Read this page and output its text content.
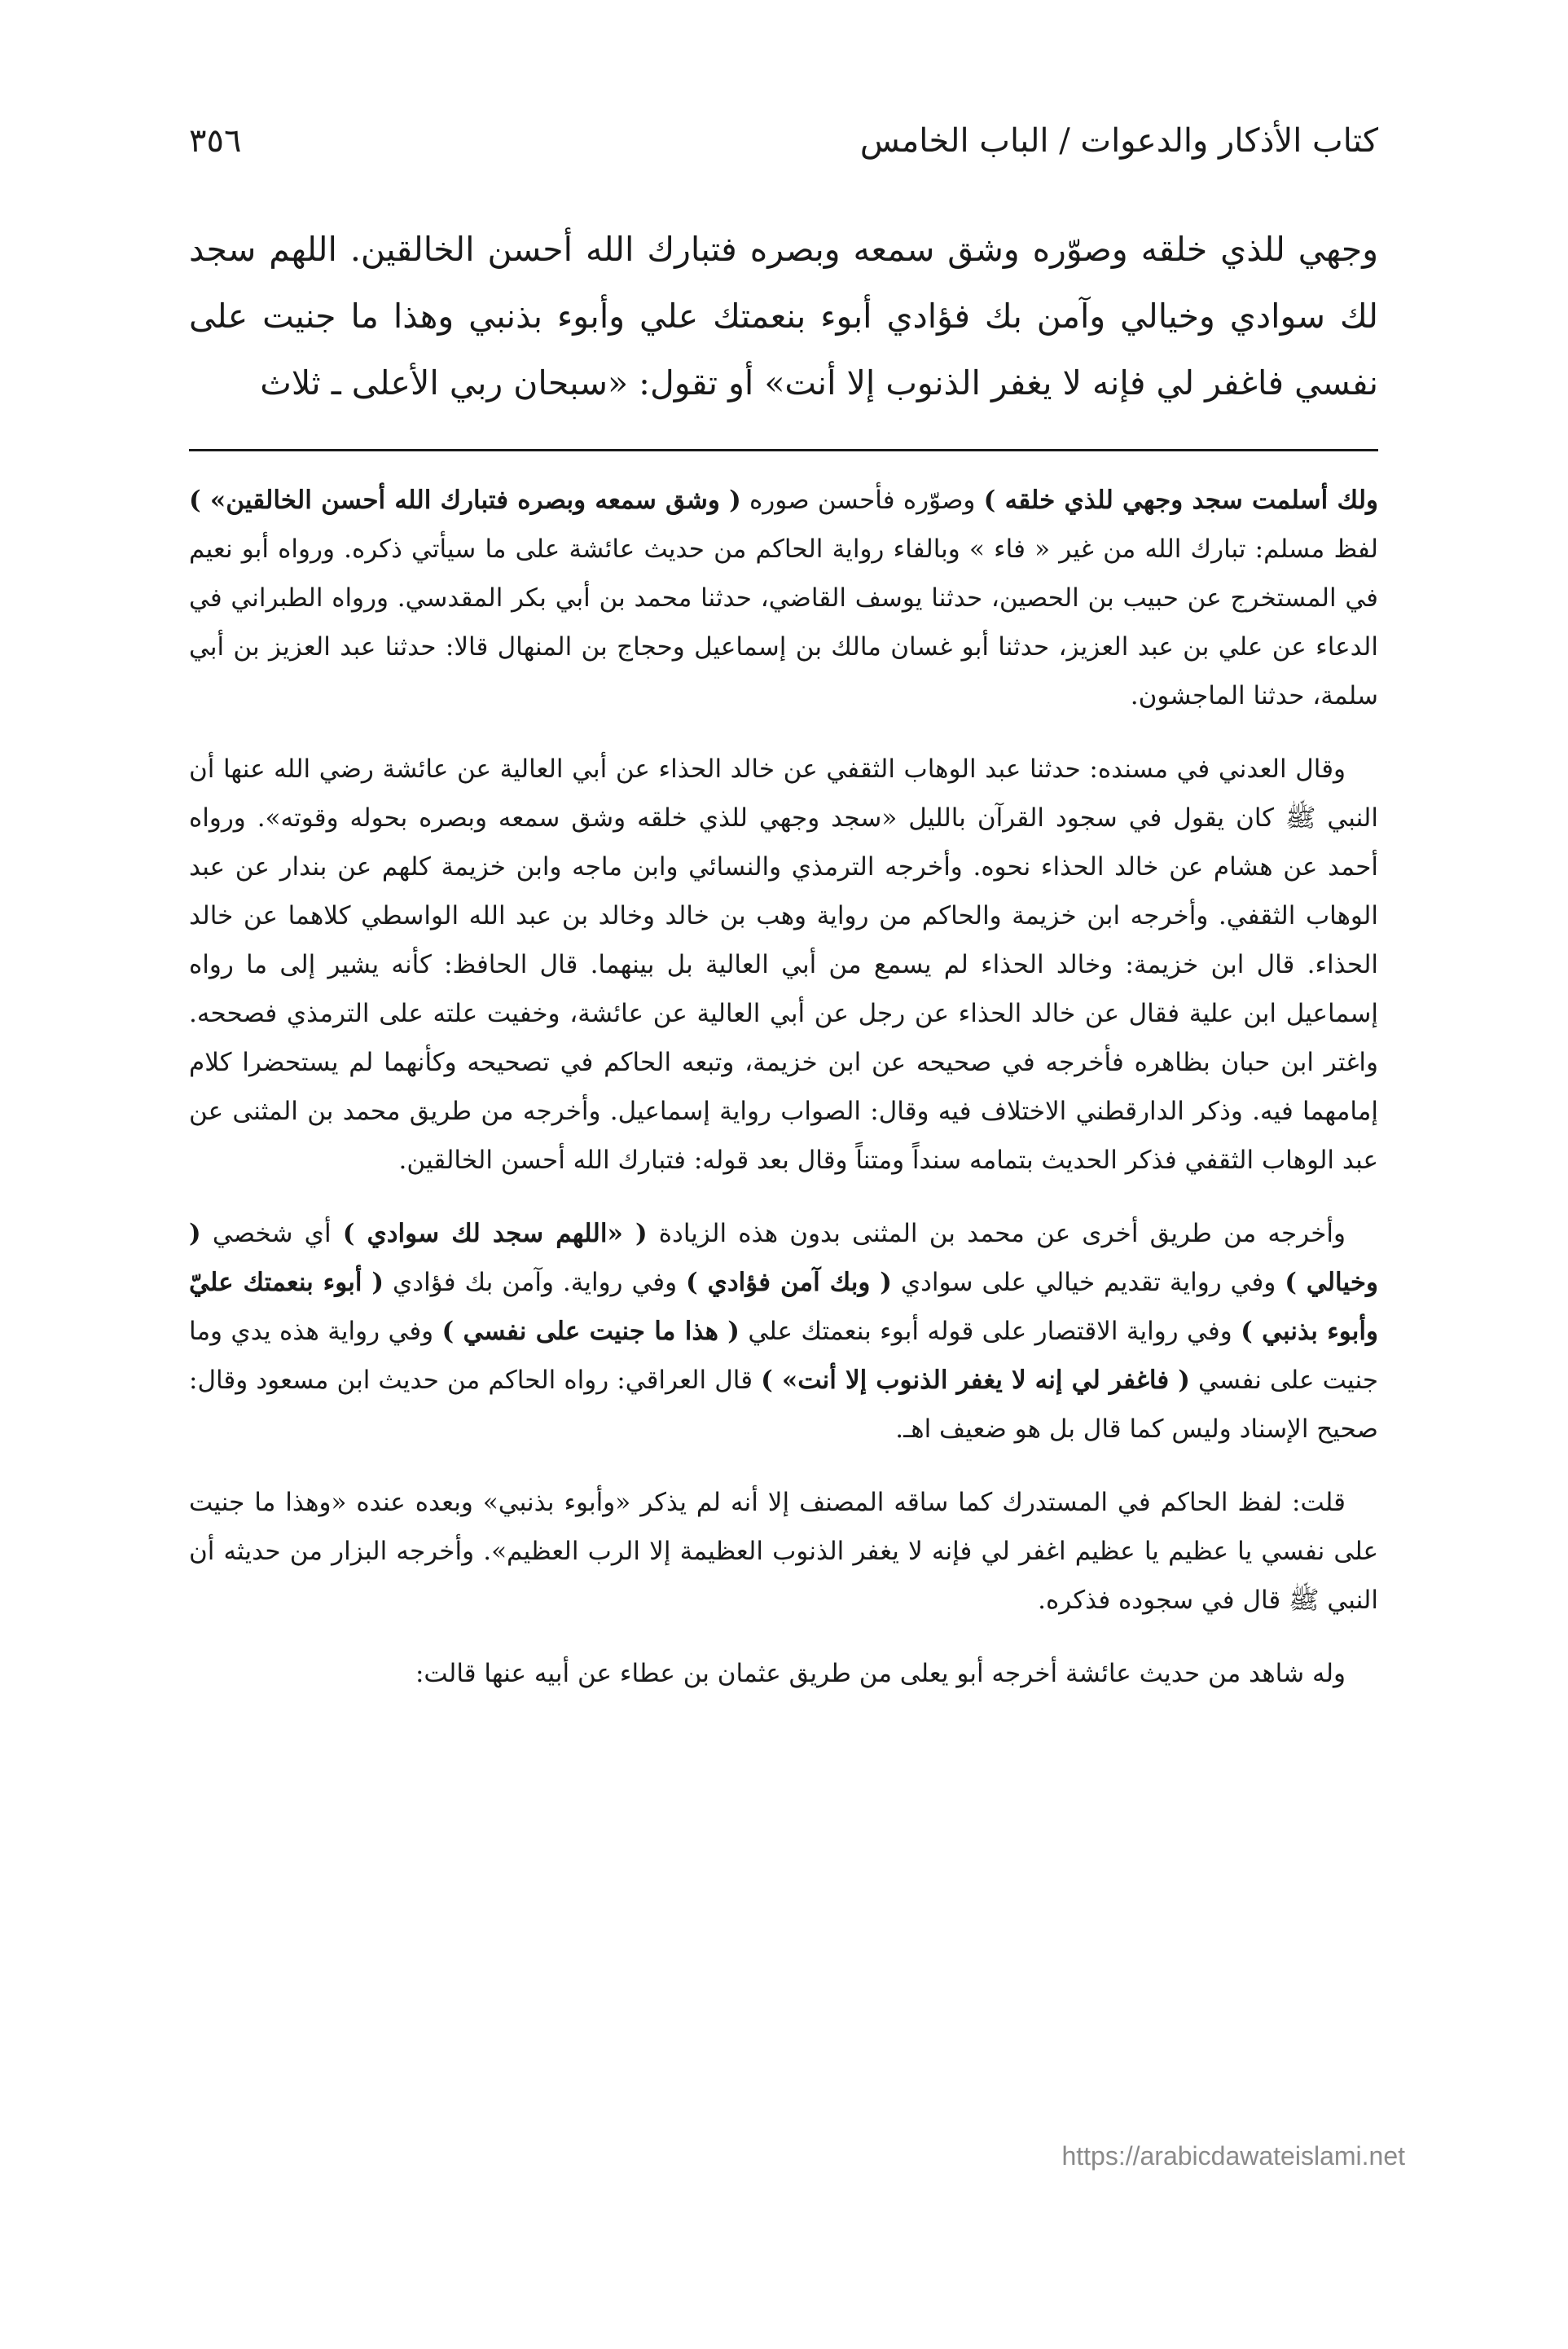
كتاب الأذكار والدعوات / الباب الخامس
٣٥٦
وجهي للذي خلقه وصوّره وشق سمعه وبصره فتبارك الله أحسن الخالقين. اللهم سجد لك سوادي وخيالي وآمن بك فؤادي أبوء بنعمتك علي وأبوء بذنبي وهذا ما جنيت على نفسي فاغفر لي فإنه لا يغفر الذنوب إلا أنت» أو تقول: «سبحان ربي الأعلى ـ ثلاث

ولك أسلمت سجد وجهي للذي خلقه ) وصوّره فأحسن صوره ( وشق سمعه وبصره فتبارك الله أحسن الخالقين» ) لفظ مسلم: تبارك الله من غير « فاء » وبالفاء رواية الحاكم من حديث عائشة على ما سيأتي ذكره. ورواه أبو نعيم في المستخرج عن حبيب بن الحصين، حدثنا يوسف القاضي، حدثنا محمد بن أبي بكر المقدسي. ورواه الطبراني في الدعاء عن علي بن عبد العزيز، حدثنا أبو غسان مالك بن إسماعيل وحجاج بن المنهال قالا: حدثنا عبد العزيز بن أبي سلمة، حدثنا الماجشون.

وقال العدني في مسنده: حدثنا عبد الوهاب الثقفي عن خالد الحذاء عن أبي العالية عن عائشة رضي الله عنها أن النبي ﷺ كان يقول في سجود القرآن بالليل «سجد وجهي للذي خلقه وشق سمعه وبصره بحوله وقوته». ورواه أحمد عن هشام عن خالد الحذاء نحوه. وأخرجه الترمذي والنسائي وابن ماجه وابن خزيمة كلهم عن بندار عن عبد الوهاب الثقفي. وأخرجه ابن خزيمة والحاكم من رواية وهب بن خالد وخالد بن عبد الله الواسطي كلاهما عن خالد الحذاء. قال ابن خزيمة: وخالد الحذاء لم يسمع من أبي العالية بل بينهما. قال الحافظ: كأنه يشير إلى ما رواه إسماعيل ابن علية فقال عن خالد الحذاء عن رجل عن أبي العالية عن عائشة، وخفيت علته على الترمذي فصححه. واغتر ابن حبان بظاهره فأخرجه في صحيحه عن ابن خزيمة، وتبعه الحاكم في تصحيحه وكأنهما لم يستحضرا كلام إمامهما فيه. وذكر الدارقطني الاختلاف فيه وقال: الصواب رواية إسماعيل. وأخرجه من طريق محمد بن المثنى عن عبد الوهاب الثقفي فذكر الحديث بتمامه سنداً ومتناً وقال بعد قوله: فتبارك الله أحسن الخالقين.

وأخرجه من طريق أخرى عن محمد بن المثنى بدون هذه الزيادة ( «اللهم سجد لك سوادي ) أي شخصي ( وخيالي ) وفي رواية تقديم خيالي على سوادي ( وبك آمن فؤادي ) وفي رواية. وآمن بك فؤادي ( أبوء بنعمتك عليّ وأبوء بذنبي ) وفي رواية الاقتصار على قوله أبوء بنعمتك علي ( هذا ما جنيت على نفسي ) وفي رواية هذه يدي وما جنيت على نفسي ( فاغفر لي إنه لا يغفر الذنوب إلا أنت» ) قال العراقي: رواه الحاكم من حديث ابن مسعود وقال: صحيح الإسناد وليس كما قال بل هو ضعيف اهـ.

قلت: لفظ الحاكم في المستدرك كما ساقه المصنف إلا أنه لم يذكر «وأبوء بذنبي» وبعده عنده «وهذا ما جنيت على نفسي يا عظيم يا عظيم اغفر لي فإنه لا يغفر الذنوب العظيمة إلا الرب العظيم». وأخرجه البزار من حديثه أن النبي ﷺ قال في سجوده فذكره.

وله شاهد من حديث عائشة أخرجه أبو يعلى من طريق عثمان بن عطاء عن أبيه عنها قالت:

https://arabicdawateislami.net
